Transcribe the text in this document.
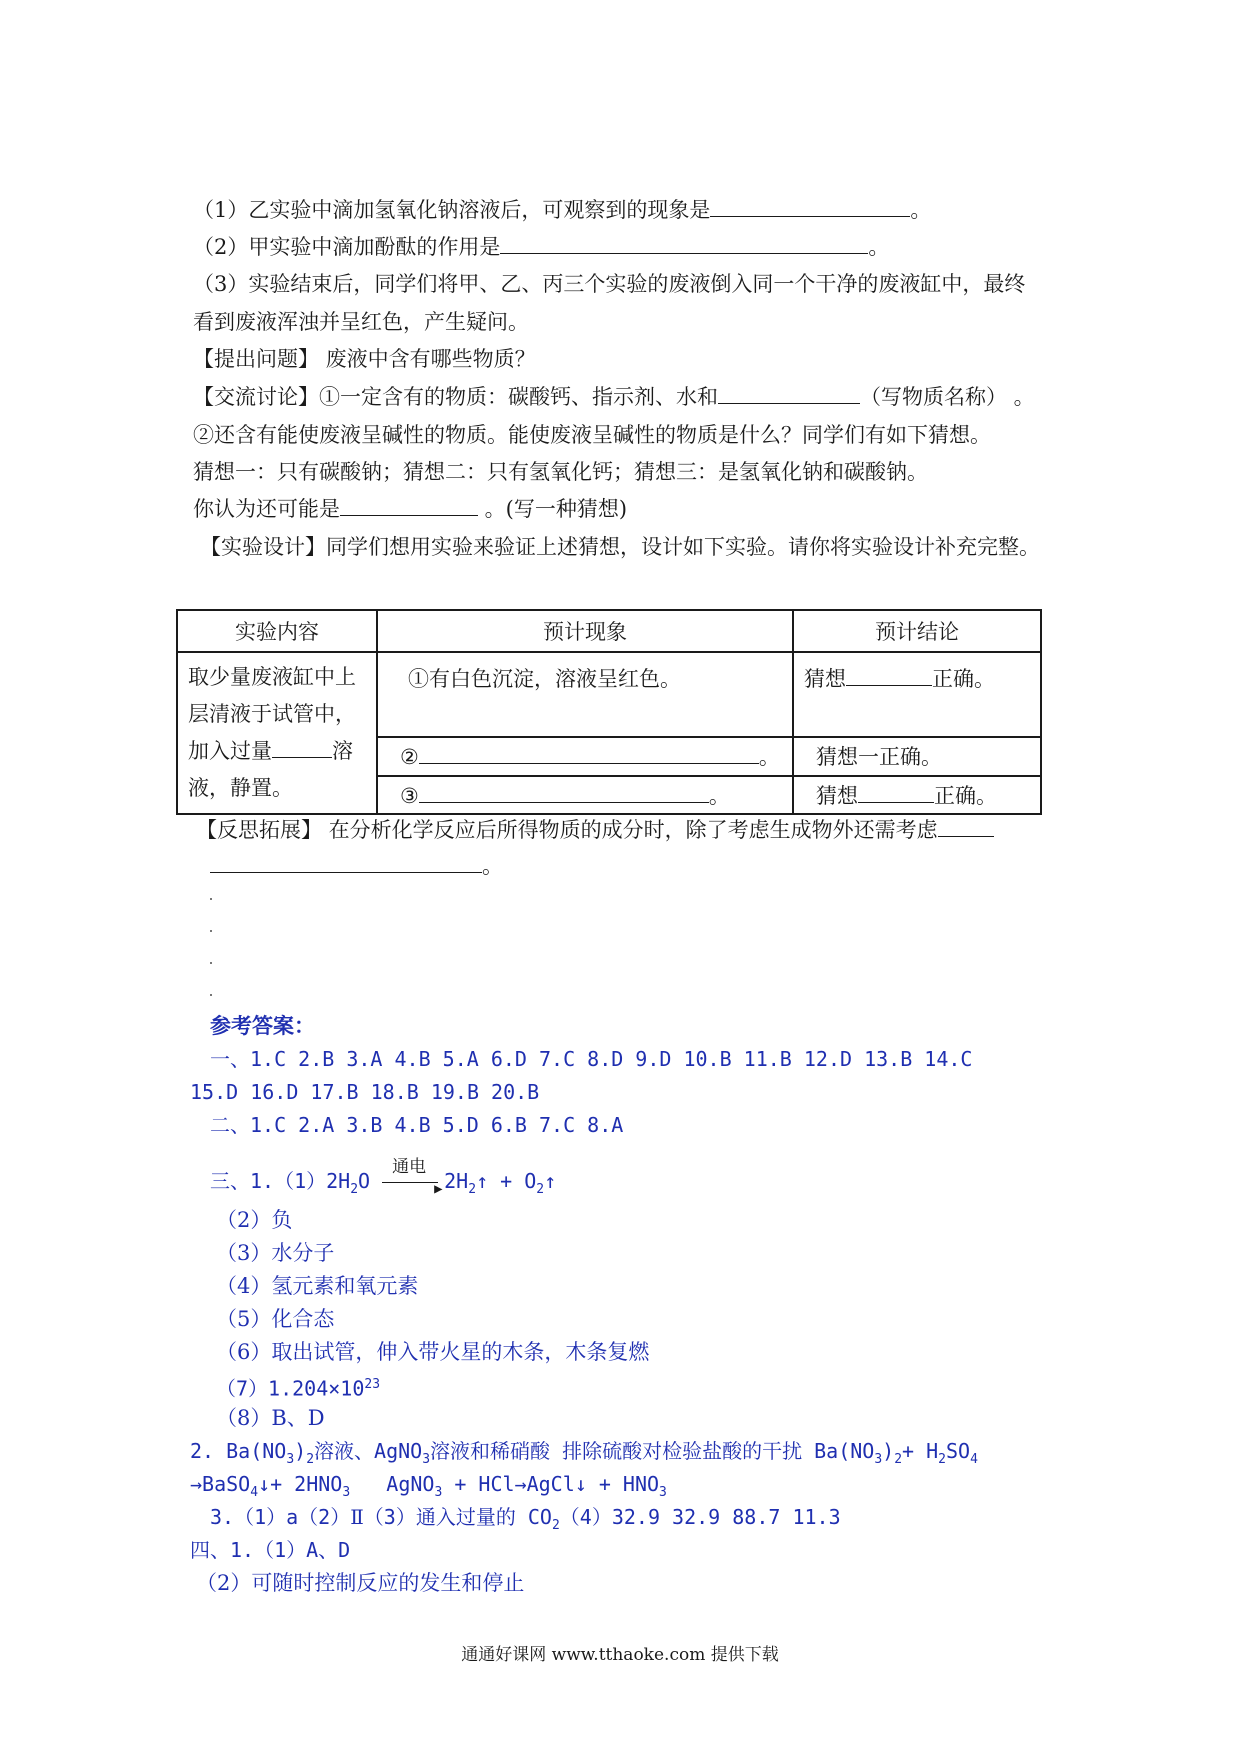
（1）乙实验中滴加氢氧化钠溶液后，可观察到的现象是	。
（2）甲实验中滴加酚酞的作用是	。
（3）实验结束后，同学们将甲、乙、丙三个实验的废液倒入同一个干净的废液缸中，最终
看到废液浑浊并呈红色，产生疑问。
【提出问题】 废液中含有哪些物质？
【交流讨论】①一定含有的物质：碳酸钙、指示剂、水和	（写物质名称） 。
②还含有能使废液呈碱性的物质。能使废液呈碱性的物质是什么？同学们有如下猜想。
猜想一：只有碳酸钠；猜想二：只有氢氧化钙；猜想三：是氢氧化钠和碳酸钠。
你认为还可能是	。(写一种猜想)
【实验设计】同学们想用实验来验证上述猜想，设计如下实验。请你将实验设计补充完整。
实验内容	预计现象	预计结论

取少量废液缸中上
层清液于试管中，
加入过量 溶
液，静置。	①有白色沉淀，溶液呈红色。	猜想 正确。
	② 。	猜想一正确。
	③ 。	猜想 正确。
【反思拓展】 在分析化学反应后所得物质的成分时，除了考虑生成物外还需考虑
。
参考答案：
一、1.C 2.B 3.A 4.B 5.A 6.D 7.C 8.D 9.D 10.B 11.B 12.D 13.B 14.C
15.D 16.D 17.B 18.B 19.B 20.B
二、1.C 2.A 3.B 4.B 5.D 6.B 7.C 8.A
三、$1.(1)2H_2O$
通电
▶ $2H_2↑$ + $O_2↑$
（2）负
（3）水分子
（4）氢元素和氧元素
（5）化合态
（6）取出试管，伸入带火星的木条，木条复燃
$(7)1.204\times 10^{23}$
（8）B、D
2. $Ba(NO_3)_2$溶液、AgNO$_3$溶液和稀硝酸 排除硫酸对检验盐酸的干扰 $Ba(NO_3)_2+ H_2SO_4$
→BaSO$_4$↓+ $2HNO_3$ AgNO$_3$ + HCl→AgCl↓ + $HNO_3$
3.（1）a（2）Ⅱ（3）通入过量的 $CO_2(4)32.9$ 32.9 88.7 11.3
四、1.（1）A、D
（2）可随时控制反应的发生和停止
通通好课网 www.tthaoke.com 提供下载
